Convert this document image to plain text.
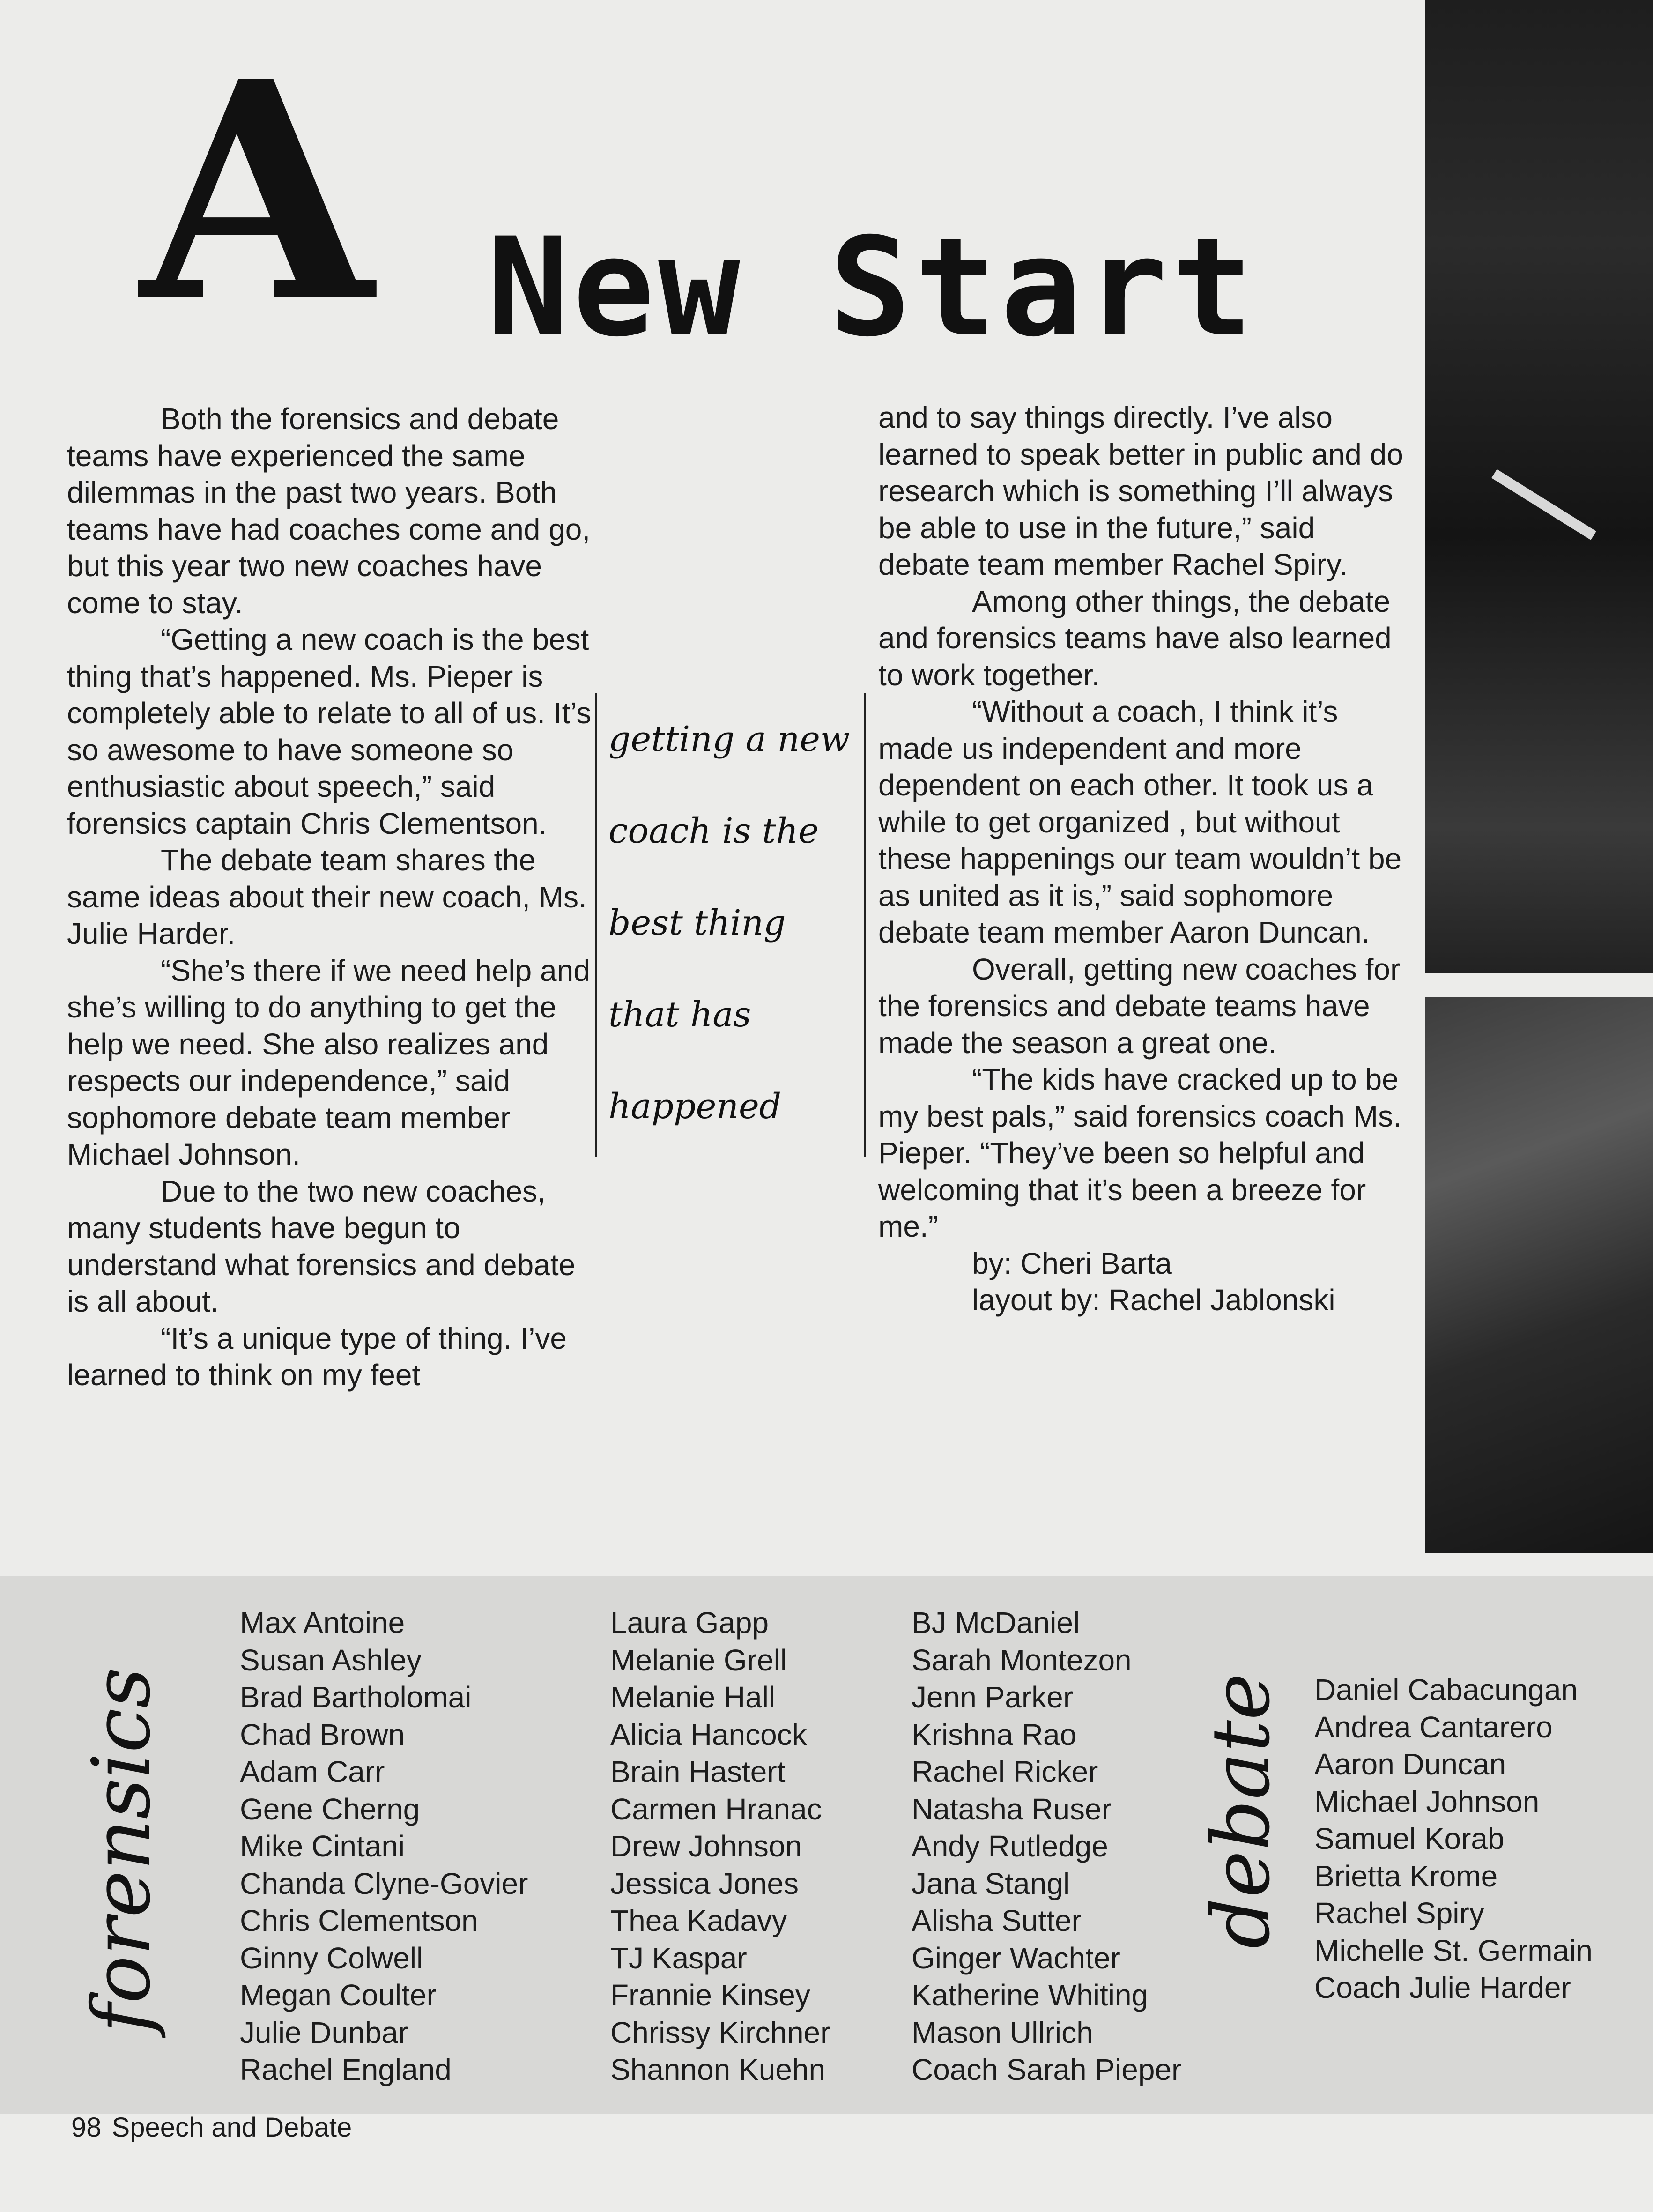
A New Start

Both the forensics and debate teams have experienced the same dilemmas in the past two years. Both teams have had coaches come and go, but this year two new coaches have come to stay.

“Getting a new coach is the best thing that’s happened. Ms. Pieper is completely able to relate to all of us. It’s so awesome to have someone so enthusiastic about speech,” said forensics captain Chris Clementson.

The debate team shares the same ideas about their new coach, Ms. Julie Harder.

“She’s there if we need help and she’s willing to do anything to get the help we need. She also realizes and respects our independence,” said sophomore debate team member Michael Johnson.

Due to the two new coaches, many students have begun to understand what forensics and debate is all about.

“It’s a unique type of thing. I’ve learned to think on my feet

getting a new
coach is the
best thing
that has
happened

and to say things directly. I’ve also learned to speak better in public and do research which is something I’ll always be able to use in the future,” said debate team member Rachel Spiry.

Among other things, the debate and forensics teams have also learned to work together.

“Without a coach, I think it’s made us independent and more dependent on each other. It took us a while to get organized , but without these happenings our team wouldn’t be as united as it is,” said sophomore debate team member Aaron Duncan.

Overall, getting new coaches for the forensics and debate teams have made the season a great one.

“The kids have cracked up to be my best pals,” said forensics coach Ms. Pieper. “They’ve been so helpful and welcoming that it’s been a breeze for me.”

by: Cheri Barta
layout by: Rachel Jablonski
forensics	debate
Max Antoine
Susan Ashley
Brad Bartholomai
Chad Brown
Adam Carr
Gene Cherng
Mike Cintani
Chanda Clyne-Govier
Chris Clementson
Ginny Colwell
Megan Coulter
Julie Dunbar
Rachel England
Laura Gapp
Melanie Grell
Melanie Hall
Alicia Hancock
Brain Hastert
Carmen Hranac
Drew Johnson
Jessica Jones
Thea Kadavy
TJ Kaspar
Frannie Kinsey
Chrissy Kirchner
Shannon Kuehn
BJ McDaniel
Sarah Montezon
Jenn Parker
Krishna Rao
Rachel Ricker
Natasha Ruser
Andy Rutledge
Jana Stangl
Alisha Sutter
Ginger Wachter
Katherine Whiting
Mason Ullrich
Coach Sarah Pieper
Daniel Cabacungan
Andrea Cantarero
Aaron Duncan
Michael Johnson
Samuel Korab
Brietta Krome
Rachel Spiry
Michelle St. Germain
Coach Julie Harder
98 Speech and Debate
